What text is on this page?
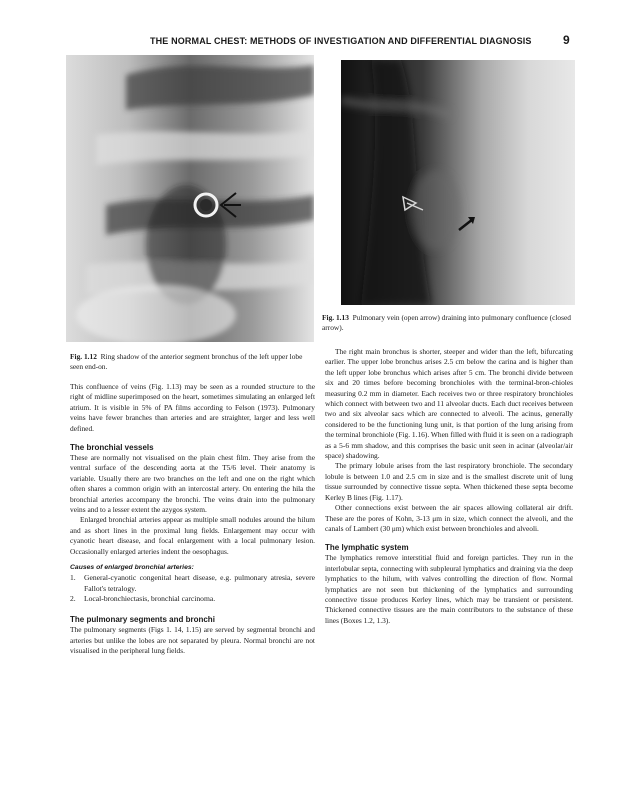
THE NORMAL CHEST: METHODS OF INVESTIGATION AND DIFFERENTIAL DIAGNOSIS	9
Fig. 1.13 Pulmonary vein (open arrow) draining into pulmonary confluence (closed arrow).
Fig. 1.12 Ring shadow of the anterior segment bronchus of the left upper lobe seen end-on.

This confluence of veins (Fig. 1.13) may be seen as a rounded structure to the right of midline superimposed on the heart, sometimes simulating an enlarged left atrium. It is visible in 5% of PA films according to Felson (1973). Pulmonary veins have fewer branches than arteries and are straighter, larger and less well defined.

The bronchial vessels

These are normally not visualised on the plain chest film. They arise from the ventral surface of the descending aorta at the T5/6 level. Their anatomy is variable. Usually there are two branches on the left and one on the right which often shares a common origin with an intercostal artery. On entering the hila the bronchial arteries accompany the bronchi. The veins drain into the pulmonary veins and to a lesser extent the azygos system.

Enlarged bronchial arteries appear as multiple small nodules around the hilum and as short lines in the proximal lung fields. Enlargement may occur with cyanotic heart disease, and focal enlargement with a local pulmonary lesion. Occasionally enlarged arteries indent the oesophagus.

Causes of enlarged bronchial arteries:
1. General-cyanotic congenital heart disease, e.g. pulmonary atresia, severe Fallot's tetralogy.
2. Local-bronchiectasis, bronchial carcinoma.
The pulmonary segments and bronchi

The pulmonary segments (Figs 1. 14, 1.15) are served by segmental bronchi and arteries but unlike the lobes are not separated by pleura. Normal bronchi are not visualised in the peripheral lung fields.

The right main bronchus is shorter, steeper and wider than the left, bifurcating earlier. The upper lobe bronchus arises 2.5 cm below the carina and is higher than the left upper lobe bronchus which arises after 5 cm. The bronchi divide between six and 20 times before becoming bronchioles with the terminal-bron-chioles measuring 0.2 mm in diameter. Each receives two or three respiratory bronchioles which connect with between two and 11 alveolar ducts. Each duct receives between two and six alveolar sacs which are connected to alveoli. The acinus, generally considered to be the functioning lung unit, is that portion of the lung arising from the terminal bronchiole (Fig. 1.16). When filled with fluid it is seen on a radiograph as a 5-6 mm shadow, and this comprises the basic unit seen in acinar (alveolar/air space) shadowing.

The primary lobule arises from the last respiratory bronchiole. The secondary lobule is between 1.0 and 2.5 cm in size and is the smallest discrete unit of lung tissue surrounded by connective tissue septa. When thickened these septa become Kerley B lines (Fig. 1.17).

Other connections exist between the air spaces allowing collateral air drift. These are the pores of Kohn, 3-13 μm in size, which connect the alveoli, and the canals of Lambert (30 μm) which exist between bronchioles and alveoli.

The lymphatic system

The lymphatics remove interstitial fluid and foreign particles. They run in the interlobular septa, connecting with subpleural lymphatics and draining via the deep lymphatics to the hilum, with valves controlling the direction of flow. Normal lymphatics are not seen but thickening of the lymphatics and surrounding connective tissue produces Kerley lines, which may be transient or persistent. Thickened connective tissues are the main contributors to the substance of these lines (Boxes 1.2, 1.3).
